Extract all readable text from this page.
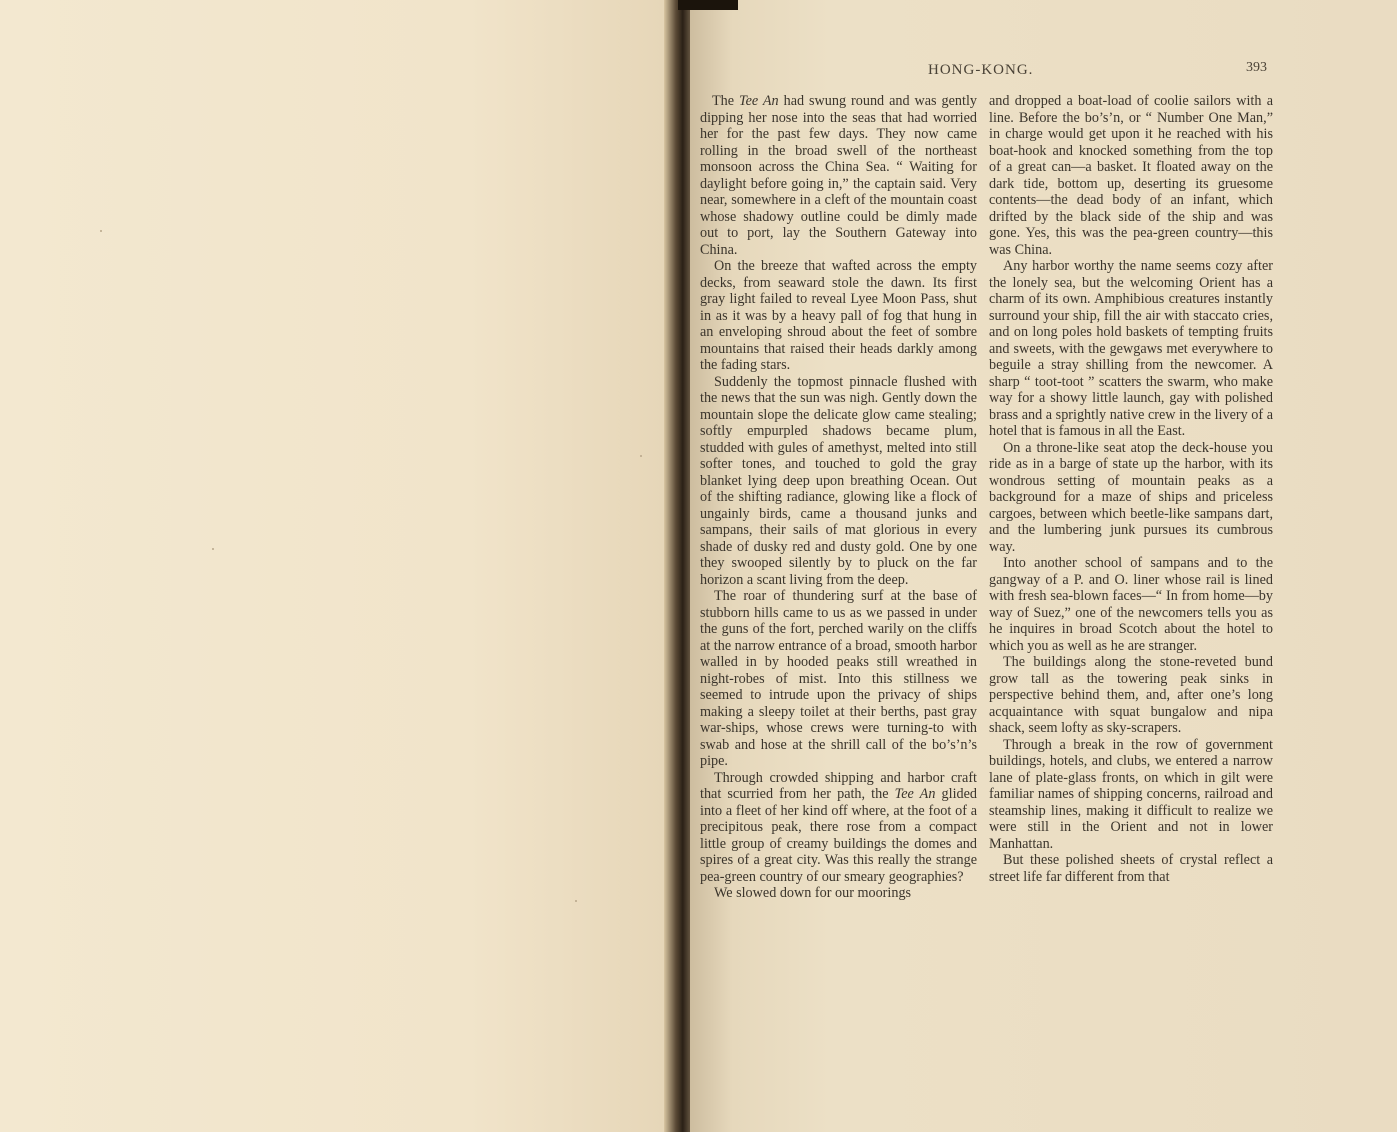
HONG-KONG.	393

The Tee An had swung round and was gently dipping her nose into the seas that had worried her for the past few days. They now came rolling in the broad swell of the northeast monsoon across the China Sea. “ Waiting for daylight before going in,” the captain said. Very near, somewhere in a cleft of the mountain coast whose shadowy outline could be dimly made out to port, lay the Southern Gateway into China.

On the breeze that wafted across the empty decks, from seaward stole the dawn. Its first gray light failed to reveal Lyee Moon Pass, shut in as it was by a heavy pall of fog that hung in an enveloping shroud about the feet of sombre mountains that raised their heads darkly among the fading stars.

Suddenly the topmost pinnacle flushed with the news that the sun was nigh. Gently down the mountain slope the delicate glow came stealing; softly empurpled shadows became plum, studded with gules of amethyst, melted into still softer tones, and touched to gold the gray blanket lying deep upon breathing Ocean. Out of the shifting radiance, glowing like a flock of ungainly birds, came a thousand junks and sampans, their sails of mat glorious in every shade of dusky red and dusty gold. One by one they swooped silently by to pluck on the far horizon a scant living from the deep.

The roar of thundering surf at the base of stubborn hills came to us as we passed in under the guns of the fort, perched warily on the cliffs at the narrow entrance of a broad, smooth harbor walled in by hooded peaks still wreathed in night-robes of mist. Into this stillness we seemed to intrude upon the privacy of ships making a sleepy toilet at their berths, past gray war-ships, whose crews were turning-to with swab and hose at the shrill call of the bo’s’n’s pipe.

Through crowded shipping and harbor craft that scurried from her path, the Tee An glided into a fleet of her kind off where, at the foot of a precipitous peak, there rose from a compact little group of creamy buildings the domes and spires of a great city. Was this really the strange pea-green country of our smeary geographies?

We slowed down for our moorings

and dropped a boat-load of coolie sailors with a line. Before the bo’s’n, or “ Number One Man,” in charge would get upon it he reached with his boat-hook and knocked something from the top of a great can—a basket. It floated away on the dark tide, bottom up, deserting its gruesome contents—the dead body of an infant, which drifted by the black side of the ship and was gone. Yes, this was the pea-green country—this was China.

Any harbor worthy the name seems cozy after the lonely sea, but the welcoming Orient has a charm of its own. Amphibious creatures instantly surround your ship, fill the air with staccato cries, and on long poles hold baskets of tempting fruits and sweets, with the gewgaws met everywhere to beguile a stray shilling from the newcomer. A sharp “ toot-toot ” scatters the swarm, who make way for a showy little launch, gay with polished brass and a sprightly native crew in the livery of a hotel that is famous in all the East.

On a throne-like seat atop the deck-house you ride as in a barge of state up the harbor, with its wondrous setting of mountain peaks as a background for a maze of ships and priceless cargoes, between which beetle-like sampans dart, and the lumbering junk pursues its cumbrous way.

Into another school of sampans and to the gangway of a P. and O. liner whose rail is lined with fresh sea-blown faces—“ In from home—by way of Suez,” one of the newcomers tells you as he inquires in broad Scotch about the hotel to which you as well as he are stranger.

The buildings along the stone-reveted bund grow tall as the towering peak sinks in perspective behind them, and, after one’s long acquaintance with squat bungalow and nipa shack, seem lofty as sky-scrapers.

Through a break in the row of government buildings, hotels, and clubs, we entered a narrow lane of plate-glass fronts, on which in gilt were familiar names of shipping concerns, railroad and steamship lines, making it difficult to realize we were still in the Orient and not in lower Manhattan.

But these polished sheets of crystal reflect a street life far different from that
